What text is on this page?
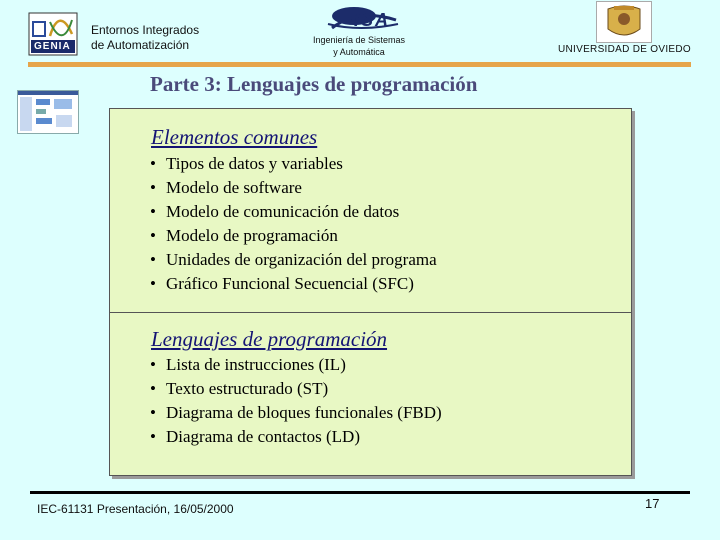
GENIA
Entornos Integrados
de Automatización
ISA
Ingeniería de Sistemas
y Automática	UNIVERSIDAD DE OVIEDO
Parte 3: Lenguajes de programación
Elementos comunes
• Tipos de datos y variables
• Modelo de software
• Modelo de comunicación de datos
• Modelo de programación
• Unidades de organización del programa
• Gráfico Funcional Secuencial (SFC)
Lenguajes de programación
• Lista de instrucciones (IL)
• Texto estructurado (ST)
• Diagrama de bloques funcionales (FBD)
• Diagrama de contactos (LD)
IEC-61131 Presentación, 16/05/2000	17
